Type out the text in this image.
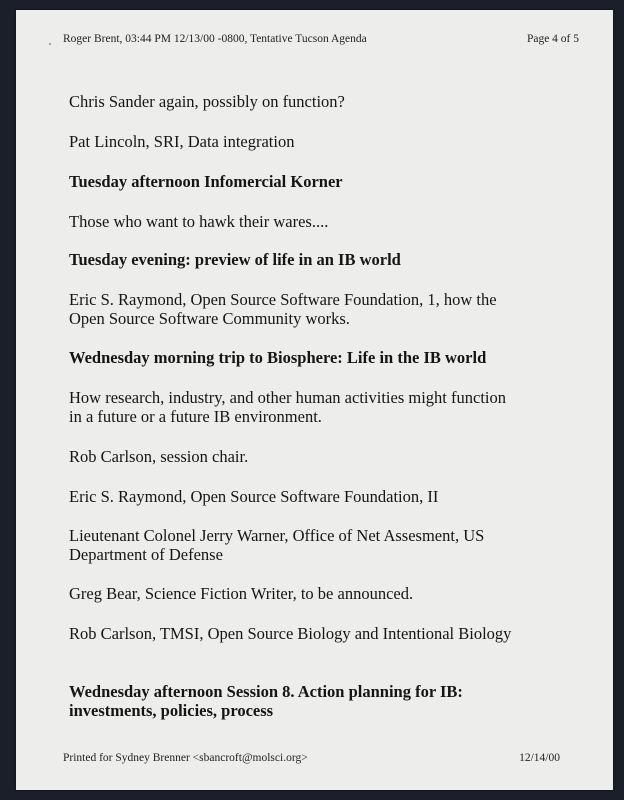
Roger Brent, 03:44 PM 12/13/00 -0800, Tentative Tucson Agenda	Page 4 of 5

Chris Sander again, possibly on function?

Pat Lincoln, SRI, Data integration

Tuesday afternoon Infomercial Korner

Those who want to hawk their wares....

Tuesday evening: preview of life in an IB world

Eric S. Raymond, Open Source Software Foundation, 1, how the
Open Source Software Community works.

Wednesday morning trip to Biosphere: Life in the IB world

How research, industry, and other human activities might function
in a future or a future IB environment.

Rob Carlson, session chair.

Eric S. Raymond, Open Source Software Foundation, II

Lieutenant Colonel Jerry Warner, Office of Net Assesment, US
Department of Defense

Greg Bear, Science Fiction Writer, to be announced.

Rob Carlson, TMSI, Open Source Biology and Intentional Biology

Wednesday afternoon Session 8. Action planning for IB:
investments, policies, process

Printed for Sydney Brenner <sbancroft@molsci.org>	12/14/00
